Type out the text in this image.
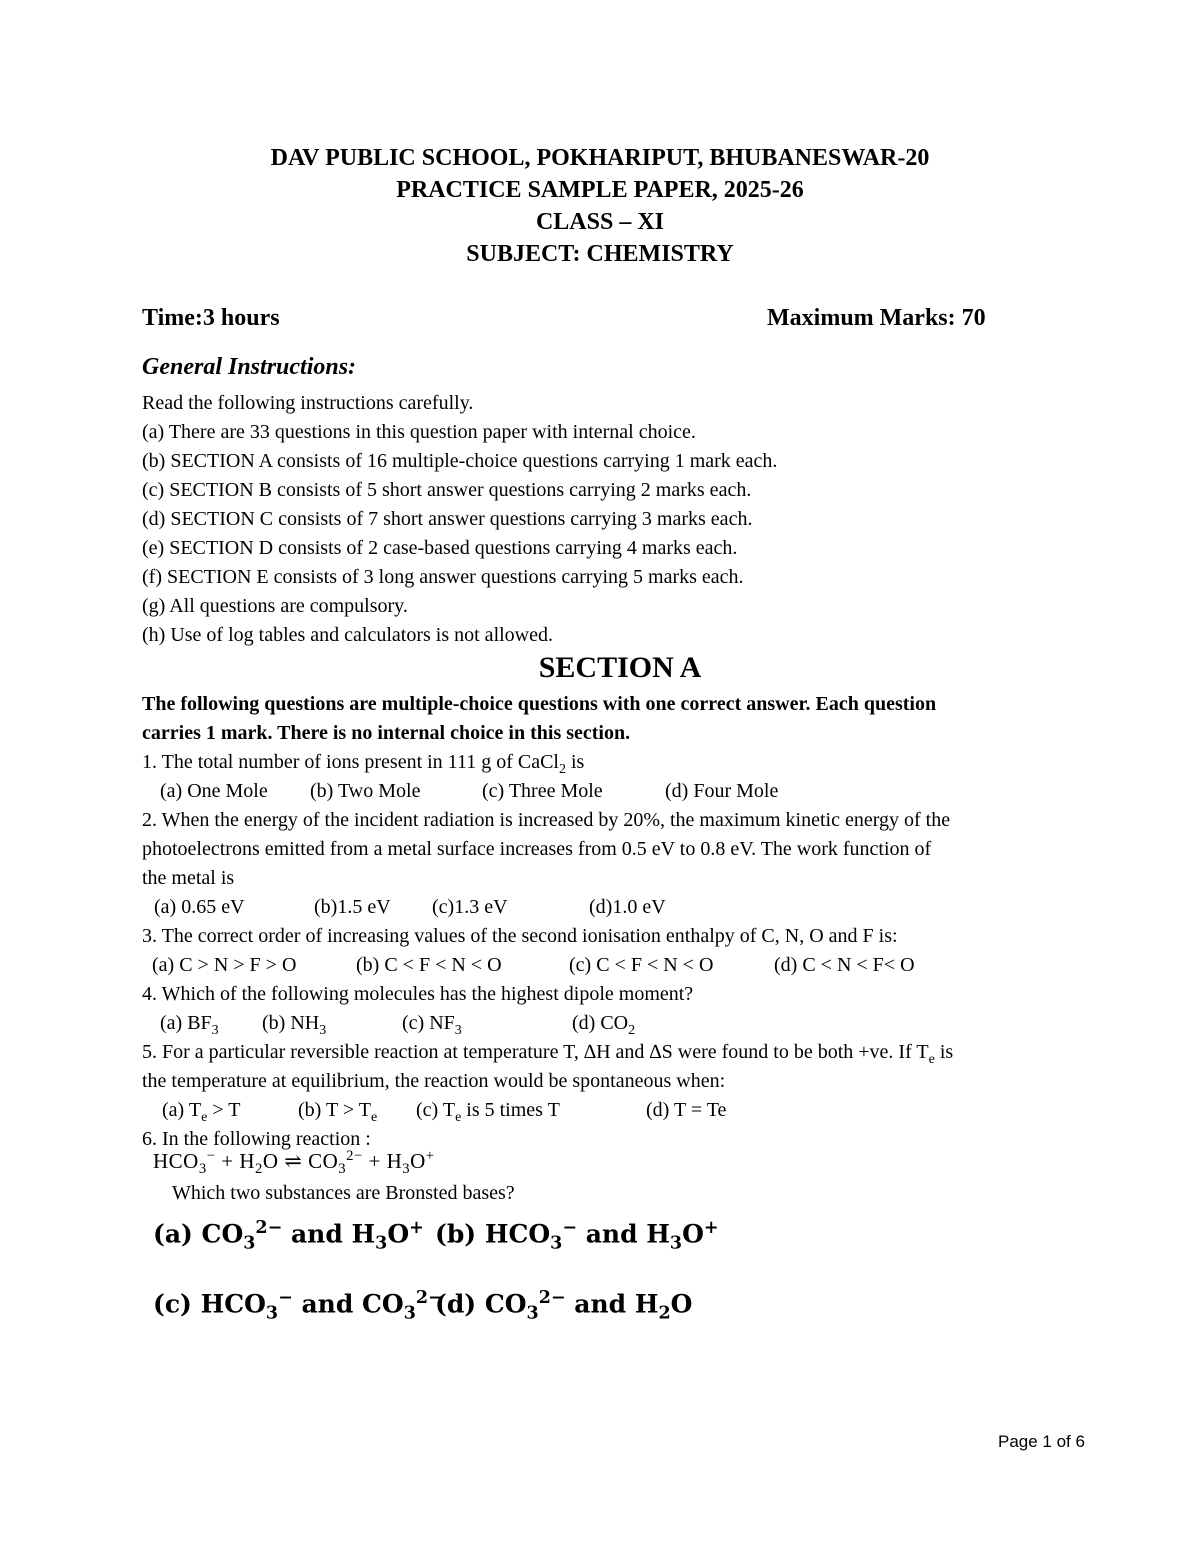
DAV PUBLIC SCHOOL, POKHARIPUT, BHUBANESWAR-20
PRACTICE SAMPLE PAPER, 2025-26
CLASS – XI
SUBJECT: CHEMISTRY
Time:3 hours	Maximum Marks: 70
General Instructions:
Read the following instructions carefully.
(a) There are 33 questions in this question paper with internal choice.
(b) SECTION A consists of 16 multiple-choice questions carrying 1 mark each.
(c) SECTION B consists of 5 short answer questions carrying 2 marks each.
(d) SECTION C consists of 7 short answer questions carrying 3 marks each.
(e) SECTION D consists of 2 case-based questions carrying 4 marks each.
(f) SECTION E consists of 3 long answer questions carrying 5 marks each.
(g) All questions are compulsory.
(h) Use of log tables and calculators is not allowed.
SECTION A
The following questions are multiple-choice questions with one correct answer. Each question
carries 1 mark. There is no internal choice in this section.
1. The total number of ions present in 111 g of CaCl$_2$ is
(a) One Mole (b) Two Mole	(c) Three Mole	(d) Four Mole
2. When the energy of the incident radiation is increased by 20%, the maximum kinetic energy of the
photoelectrons emitted from a metal surface increases from 0.5 eV to 0.8 eV. The work function of
the metal is
(a) 0.65 eV	(b)1.5 eV (c)1.3 eV	(d)1.0 eV
3. The correct order of increasing values of the second ionisation enthalpy of C, N, O and F is:
(a) C > N > F > O	(b) C < F < N < O	(c) C < F < N < O	(d) C < N < F< O
4. Which of the following molecules has the highest dipole moment?
(a) $BF_3$ (b) $NH_3$	(c) $NF_3$	(d) $CO_2$
5. For a particular reversible reaction at temperature T, ∆H and ∆S were found to be both +ve. If $T_e$ is
the temperature at equilibrium, the reaction would be spontaneous when:
(a) $T_e > T$	(b) $T > T_e$ (c) $T_e$ is 5 times T	(d) T = Te
6. In the following reaction :
$HCO_3^- + H_2O$ ⇌ $CO_3^{2-} + H_3O^+$
Which two substances are Bronsted bases?
(a) $CO_3^{2-}$ and $H_3O^+$ (b) $HCO_3^-$ and $H_3O^+$
(c) $HCO_3^-$ and $CO_3^{2-}$
(d) $CO_3^{2-}$ and $H_2O$
Page 1 of 6
